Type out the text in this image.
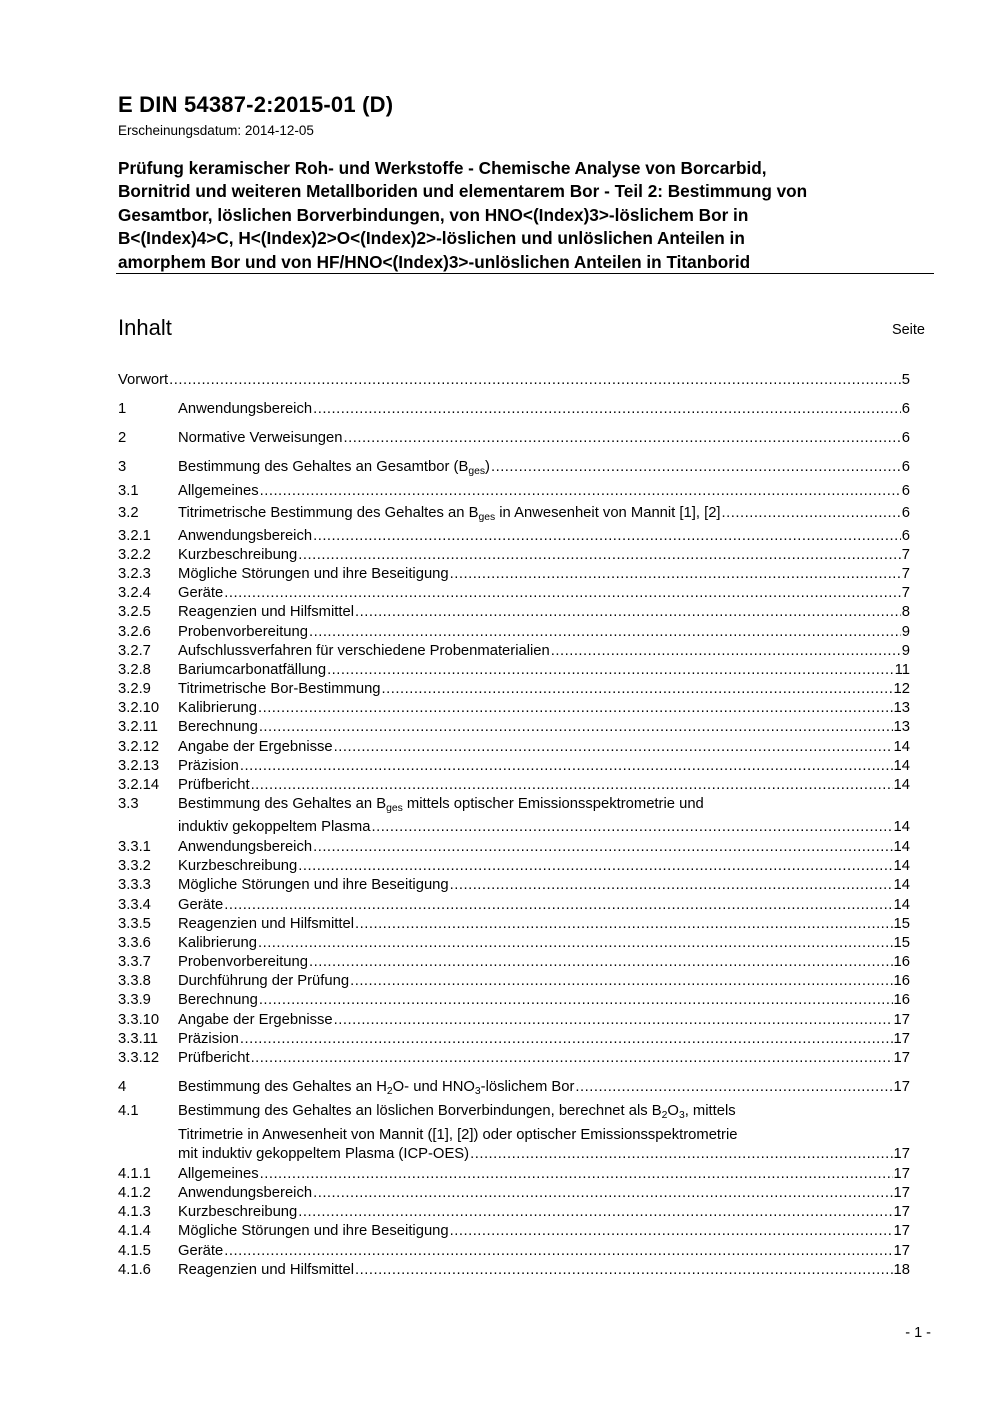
E DIN 54387-2:2015-01 (D)
Erscheinungsdatum: 2014-12-05
Prüfung keramischer Roh- und Werkstoffe - Chemische Analyse von Borcarbid,
Bornitrid und weiteren Metallboriden und elementarem Bor - Teil 2: Bestimmung von
Gesamtbor, löslichen Borverbindungen, von HNO<(Index)3>-löslichem Bor in
B<(Index)4>C, H<(Index)2>O<(Index)2>-löslichen und unlöslichen Anteilen in
amorphem Bor und von HF/HNO<(Index)3>-unlöslichen Anteilen in Titanborid
Inhalt	Seite
Vorwort .....	5
1	Anwendungsbereich .....	6
2	Normative Verweisungen .....	6
3	Bestimmung des Gehaltes an Gesamtbor $(B_{ges})$ .....	6
3.1	Allgemeines .....	6
3.2	Titrimetrische Bestimmung des Gehaltes an $B_{ges}$ in Anwesenheit von Mannit [1], [2] .....	6
3.2.1 Anwendungsbereich .....	6
3.2.2 Kurzbeschreibung .....	7
3.2.3 Mögliche Störungen und ihre Beseitigung .....	7
3.2.4 Geräte .....	7
3.2.5 Reagenzien und Hilfsmittel .....	8
3.2.6 Probenvorbereitung .....	9
3.2.7 Aufschlussverfahren für verschiedene Probenmaterialien .....	9
3.2.8 Bariumcarbonatfällung .....	11
3.2.9 Titrimetrische Bor-Bestimmung .....	12
3.2.10 Kalibrierung .....	13
3.2.11 Berechnung .....	13
3.2.12 Angabe der Ergebnisse .....	14
3.2.13 Präzision .....	14
3.2.14 Prüfbericht .....	14
3.3	Bestimmung des Gehaltes an $B_{ges}$ mittels optischer Emissionsspektrometrie und
induktiv gekoppeltem Plasma .....	14
3.3.1 Anwendungsbereich .....	14
3.3.2 Kurzbeschreibung .....	14
3.3.3 Mögliche Störungen und ihre Beseitigung .....	14
3.3.4 Geräte .....	14
3.3.5 Reagenzien und Hilfsmittel .....	15
3.3.6 Kalibrierung .....	15
3.3.7 Probenvorbereitung .....	16
3.3.8 Durchführung der Prüfung .....	16
3.3.9 Berechnung .....	16
3.3.10 Angabe der Ergebnisse .....	17
3.3.11 Präzision .....	17
3.3.12 Prüfbericht .....	17
4	Bestimmung des Gehaltes an $H_2O-$ und $HNO_3$-löslichem Bor .....	17
4.1	Bestimmung des Gehaltes an löslichen Borverbindungen, berechnet als $B_2O_3$, mittels
Titrimetrie in Anwesenheit von Mannit ([1], [2]) oder optischer Emissionsspektrometrie
mit induktiv gekoppeltem Plasma (ICP-OES) .....	17
4.1.1 Allgemeines .....	17
4.1.2 Anwendungsbereich .....	17
4.1.3 Kurzbeschreibung .....	17
4.1.4 Mögliche Störungen und ihre Beseitigung .....	17
4.1.5 Geräte .....	17
4.1.6 Reagenzien und Hilfsmittel .....	18
- 1 -
